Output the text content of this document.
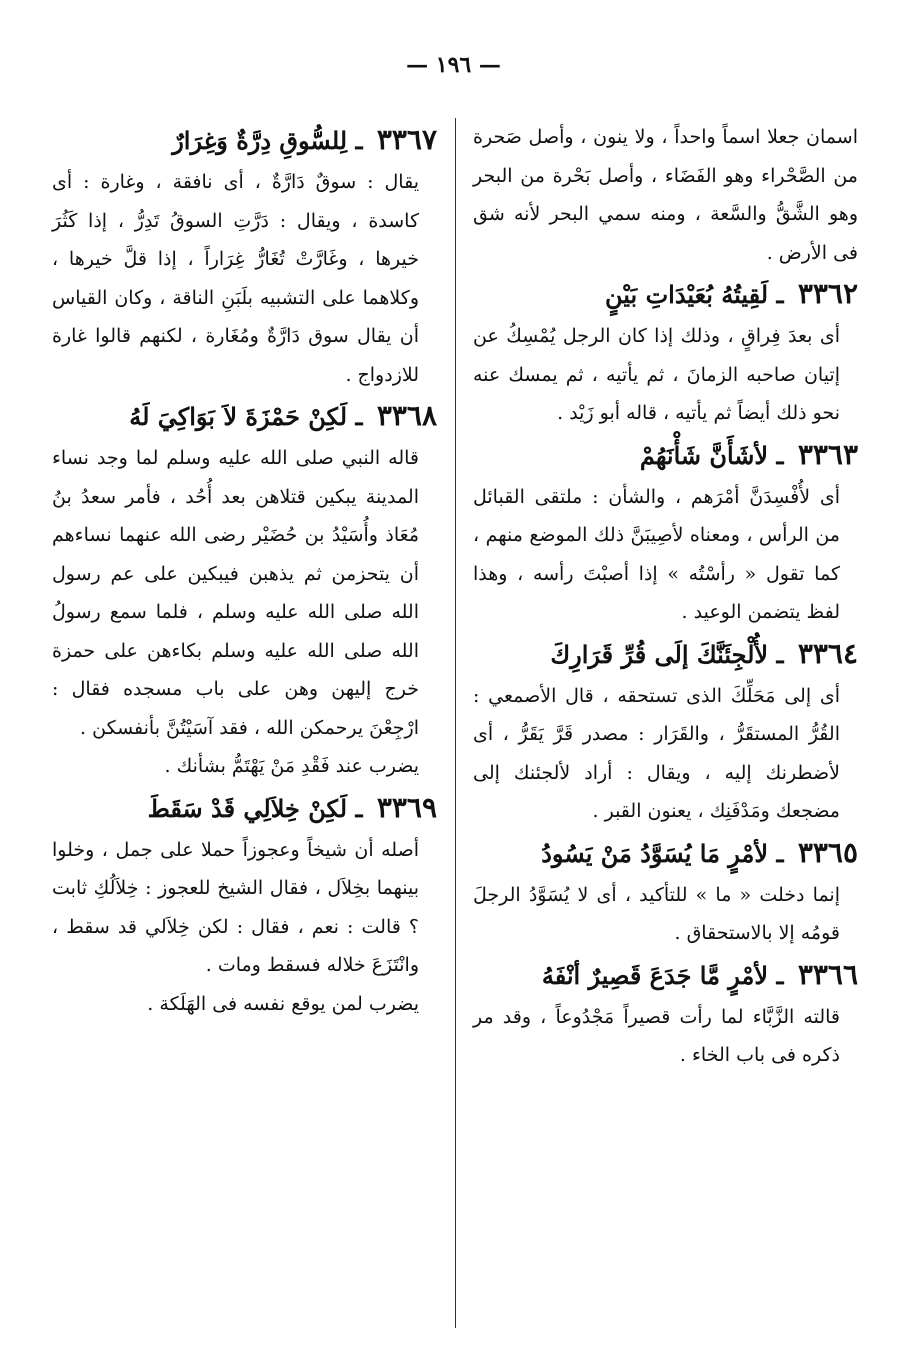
— ١٩٦ —

اسمان جعلا اسماً واحداً ، ولا ينون ، وأصل صَحرة من الصَّحْراء وهو الفَضَاء ، وأصل بَحْرة من البحر وهو الشَّقُّ والسَّعة ، ومنه سمي البحر لأنه شق فى الأرض .

٣٣٦٢ ـ لَقِيتُهُ بُعَيْدَاتِ بَيْنٍ

أى بعدَ فِراقٍ ، وذلك إذا كان الرجل يُمْسِكُ عن إتيان صاحبه الزمانَ ، ثم يأتيه ، ثم يمسك عنه نحو ذلك أيضاً ثم يأتيه ، قاله أبو زَيْد .

٣٣٦٣ ـ لأشَأَنَّ شَأْنَهُمْ

أى لأُفْسِدَنَّ أمْرَهم ، والشأن : ملتقى القبائل من الرأس ، ومعناه لأصِيبَنَّ ذلك الموضع منهم ، كما تقول « رأسْتُه » إذا أصبْتَ رأسه ، وهذا لفظ يتضمن الوعيد .

٣٣٦٤ ـ لأُلْجِئَنَّكَ إلَى قُرِّ قَرَارِكَ

أى إلى مَحَلِّكَ الذى تستحقه ، قال الأصمعي : القُرُّ المستقَرُّ ، والقَرَار : مصدر قَرَّ يَقَرُّ ، أى لأضطرنك إليه ، ويقال : أراد لألجئنك إلى مضجعك ومَدْفَنِك ، يعنون القبر .

٣٣٦٥ ـ لأمْرٍ مَا يُسَوَّدُ مَنْ يَسُودُ

إنما دخلت « ما » للتأكيد ، أى لا يُسَوَّدُ الرجلَ قومُه إلا بالاستحقاق .

٣٣٦٦ ـ لأمْرٍ مَّا جَدَعَ قَصِيرٌ أنْفَهُ

قالته الزَّبَّاء لما رأت قصيراً مَجْدُوعاً ، وقد مر ذكره فى باب الخاء .

٣٣٦٧ ـ لِلسُّوقِ دِرَّةٌ وَغِرَارٌ

يقال : سوقٌ دَارَّةٌ ، أى نافقة ، وغارة : أى كاسدة ، ويقال : دَرَّتِ السوقُ تَدِرُّ ، إذا كَثُرَ خيرها ، وغَارَّتْ تُغَارُّ غِرَاراً ، إذا قلَّ خيرها ، وكلاهما على التشبيه بلَبَنِ الناقة ، وكان القياس أن يقال سوق دَارَّةٌ ومُغَارة ، لكنهم قالوا غارة للازدواج .

٣٣٦٨ ـ لَكِنْ حَمْزَةَ لاَ بَوَاكِيَ لَهُ

قاله النبي صلى الله عليه وسلم لما وجد نساء المدينة يبكين قتلاهن بعد أُحُد ، فأمر سعدُ بنُ مُعَاذ وأُسَيْدُ بن حُضَيْر رضى الله عنهما نساءهم أن يتحزمن ثم يذهبن فيبكين على عم رسول الله صلى الله عليه وسلم ، فلما سمع رسولُ الله صلى الله عليه وسلم بكاءهن على حمزة خرج إليهن وهن على باب مسجده فقال : ارْجِعْنَ يرحمكن الله ، فقد آسَيْتُنَّ بأنفسكن .

يضرب عند فَقْدِ مَنْ يَهْتَمُّ بشأنك .

٣٣٦٩ ـ لَكِنْ خِلاَلِي قَدْ سَقَطَ

أصله أن شيخاً وعجوزاً حملا على جمل ، وخلوا بينهما بخِلاَل ، فقال الشيخ للعجوز : خِلاَلُكِ ثابت ؟ قالت : نعم ، فقال : لكن خِلاَلي قد سقط ، وانْتَزَعَ خلاله فسقط ومات .

يضرب لمن يوقع نفسه فى الهَلَكة .
